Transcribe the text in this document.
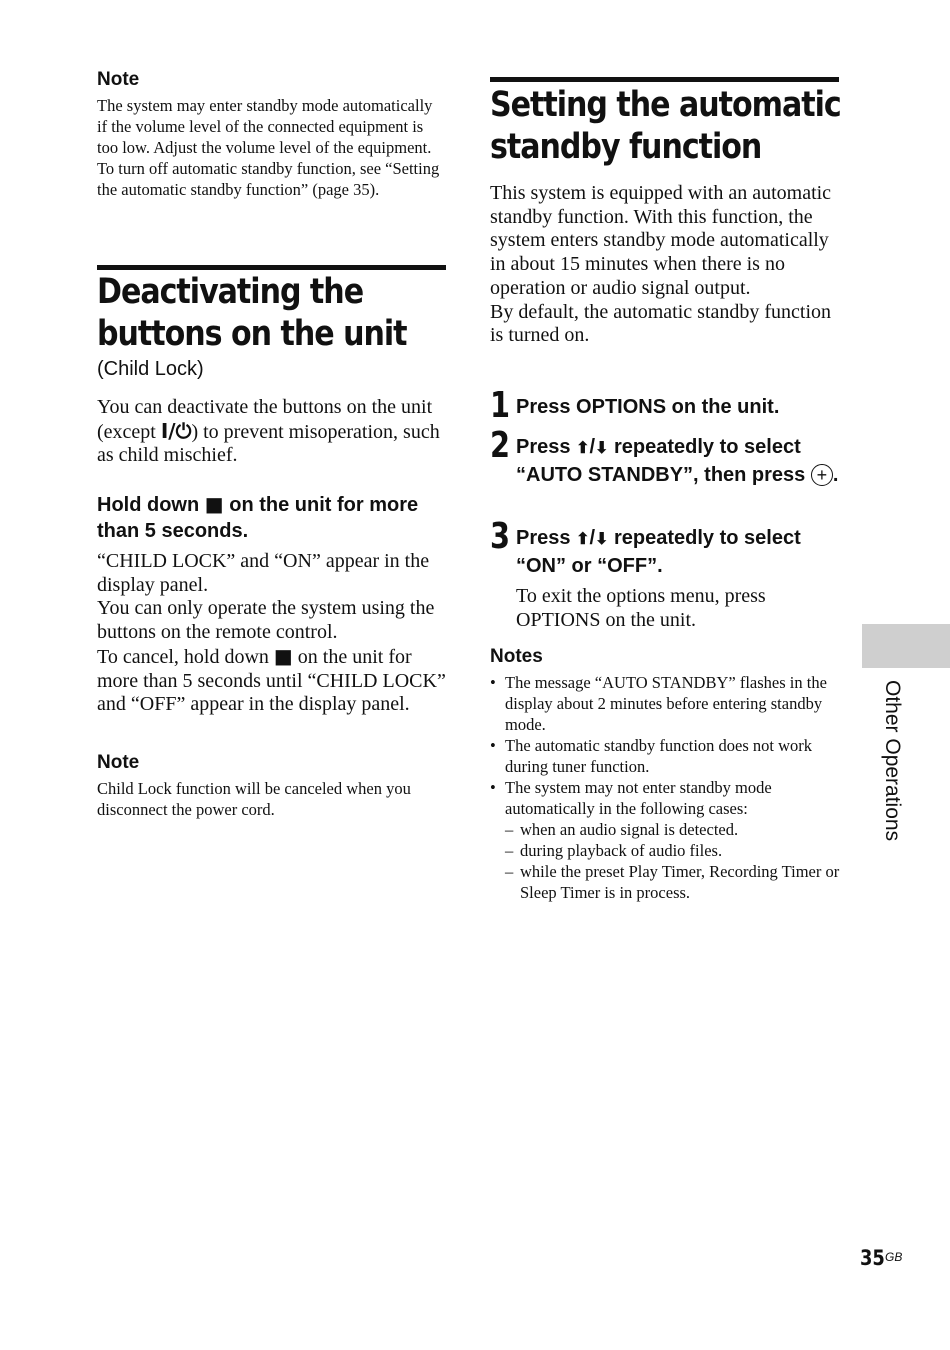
Note
The system may enter standby mode automatically if the volume level of the connected equipment is too low. Adjust the volume level of the equipment. To turn off automatic standby function, see “Setting the automatic standby function” (page 35).
Deactivating the
buttons on the unit
(Child Lock)
You can deactivate the buttons on the unit (except I/⏻) to prevent misoperation, such as child mischief.
Hold down ■ on the unit for more than 5 seconds.
“CHILD LOCK” and “ON” appear in the display panel.
You can only operate the system using the buttons on the remote control.
To cancel, hold down ■ on the unit for more than 5 seconds until “CHILD LOCK” and “OFF” appear in the display panel.
Note
Child Lock function will be canceled when you disconnect the power cord.
Setting the automatic
standby function
This system is equipped with an automatic standby function. With this function, the system enters standby mode automatically in about 15 minutes when there is no operation or audio signal output.
By default, the automatic standby function is turned on.
1 Press OPTIONS on the unit.
2 Press ⬆/⬇ repeatedly to select “AUTO STANDBY”, then press +.
3 Press ⬆/⬇ repeatedly to select “ON” or “OFF”.
To exit the options menu, press OPTIONS on the unit.
Notes
• The message “AUTO STANDBY” flashes in the display about 2 minutes before entering standby mode.
• The automatic standby function does not work during tuner function.
• The system may not enter standby mode automatically in the following cases:
– when an audio signal is detected.
– during playback of audio files.
– while the preset Play Timer, Recording Timer or Sleep Timer is in process.
Other Operations
35 GB
